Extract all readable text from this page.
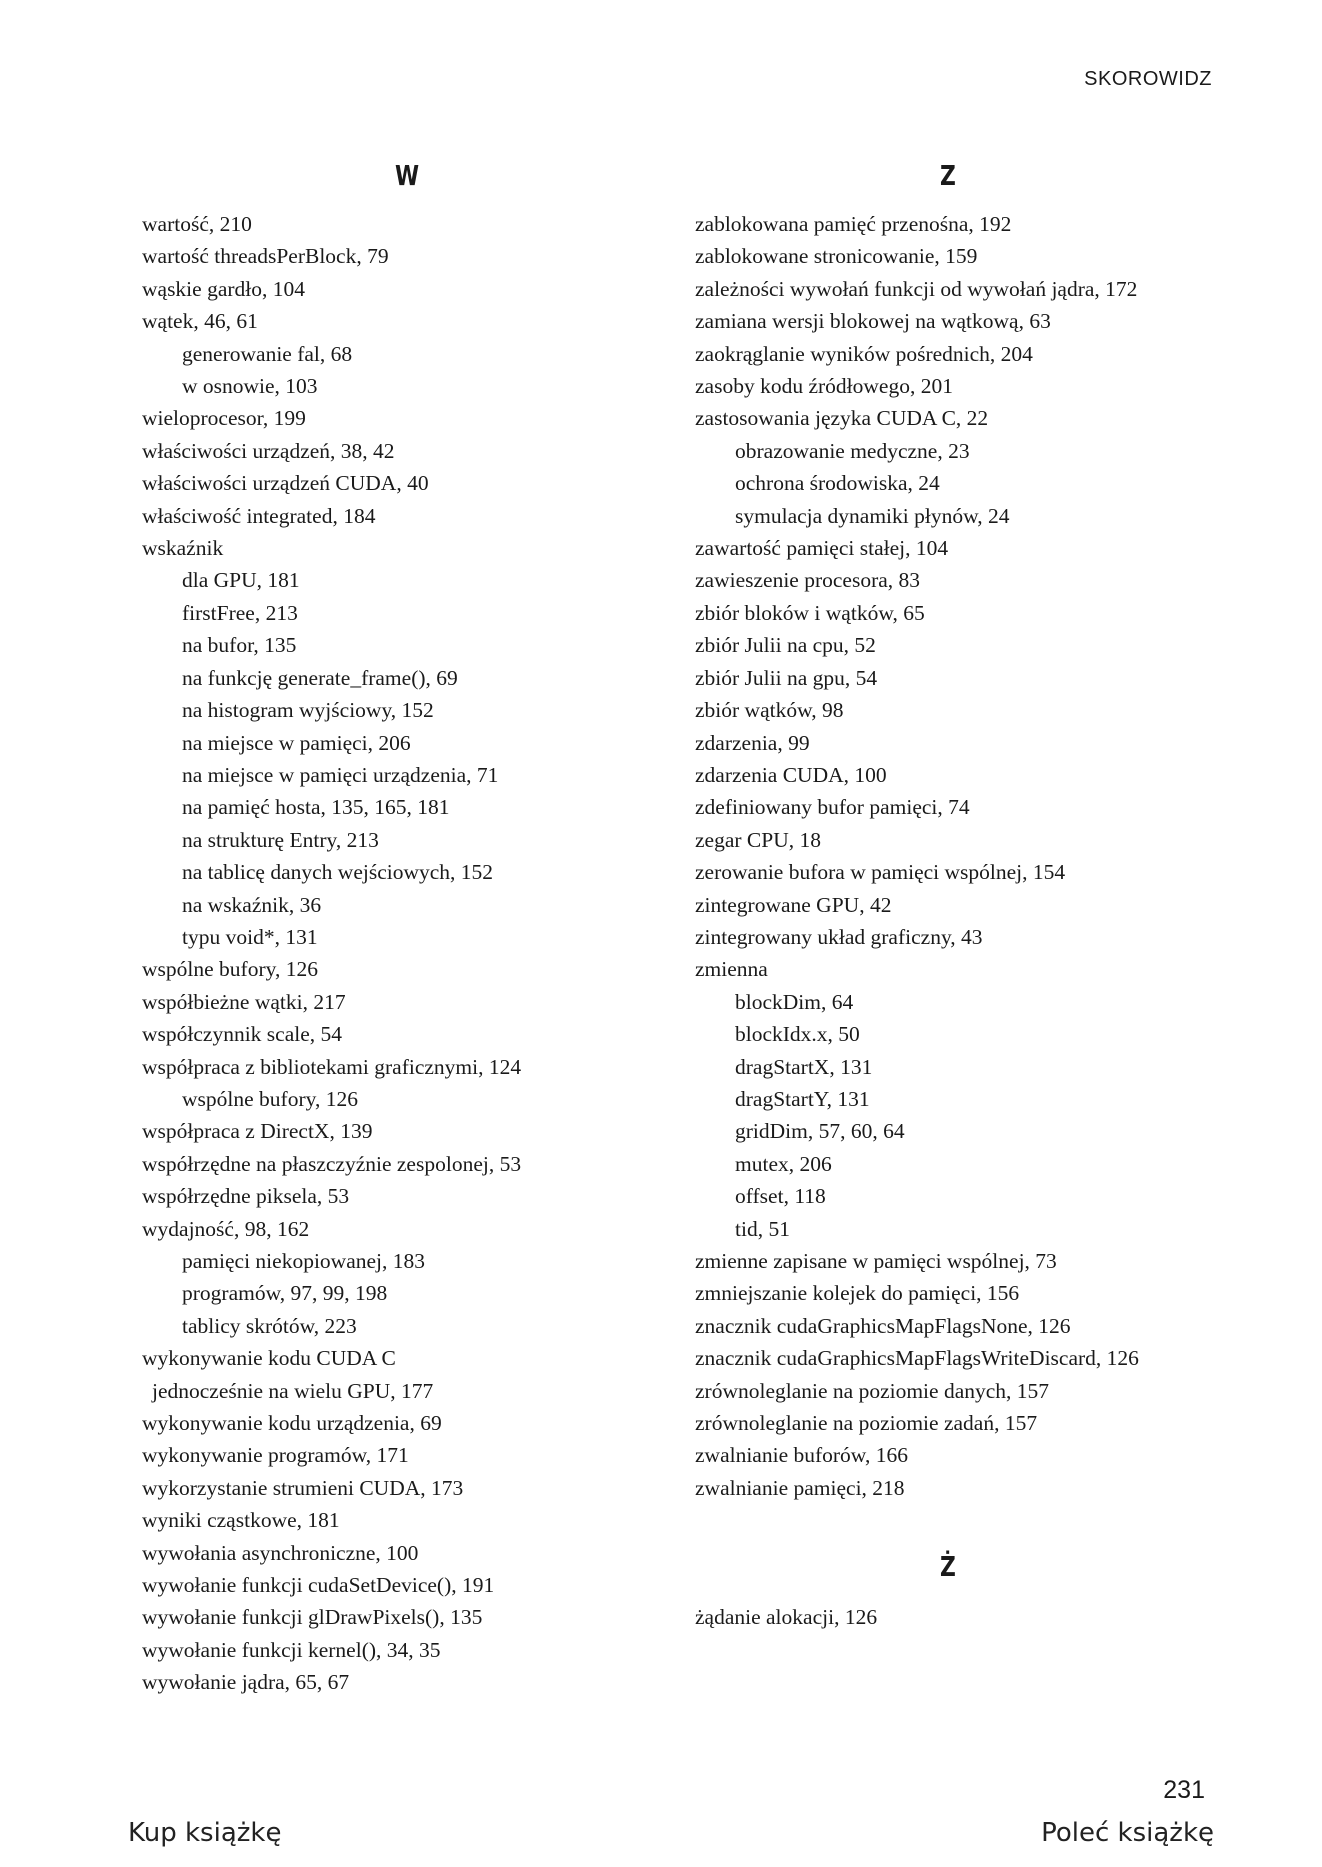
SKOROWIDZ
W
wartość, 210
wartość threadsPerBlock, 79
wąskie gardło, 104
wątek, 46, 61
generowanie fal, 68
w osnowie, 103
wieloprocesor, 199
właściwości urządzeń, 38, 42
właściwości urządzeń CUDA, 40
właściwość integrated, 184
wskaźnik
dla GPU, 181
firstFree, 213
na bufor, 135
na funkcję generate_frame(), 69
na histogram wyjściowy, 152
na miejsce w pamięci, 206
na miejsce w pamięci urządzenia, 71
na pamięć hosta, 135, 165, 181
na strukturę Entry, 213
na tablicę danych wejściowych, 152
na wskaźnik, 36
typu void*, 131
wspólne bufory, 126
współbieżne wątki, 217
współczynnik scale, 54
współpraca z bibliotekami graficznymi, 124
wspólne bufory, 126
współpraca z DirectX, 139
współrzędne na płaszczyźnie zespolonej, 53
współrzędne piksela, 53
wydajność, 98, 162
pamięci niekopiowanej, 183
programów, 97, 99, 198
tablicy skrótów, 223
wykonywanie kodu CUDA C
jednocześnie na wielu GPU, 177
wykonywanie kodu urządzenia, 69
wykonywanie programów, 171
wykorzystanie strumieni CUDA, 173
wyniki cząstkowe, 181
wywołania asynchroniczne, 100
wywołanie funkcji cudaSetDevice(), 191
wywołanie funkcji glDrawPixels(), 135
wywołanie funkcji kernel(), 34, 35
wywołanie jądra, 65, 67
Z
zablokowana pamięć przenośna, 192
zablokowane stronicowanie, 159
zależności wywołań funkcji od wywołań jądra, 172
zamiana wersji blokowej na wątkową, 63
zaokrąglanie wyników pośrednich, 204
zasoby kodu źródłowego, 201
zastosowania języka CUDA C, 22
obrazowanie medyczne, 23
ochrona środowiska, 24
symulacja dynamiki płynów, 24
zawartość pamięci stałej, 104
zawieszenie procesora, 83
zbiór bloków i wątków, 65
zbiór Julii na cpu, 52
zbiór Julii na gpu, 54
zbiór wątków, 98
zdarzenia, 99
zdarzenia CUDA, 100
zdefiniowany bufor pamięci, 74
zegar CPU, 18
zerowanie bufora w pamięci wspólnej, 154
zintegrowane GPU, 42
zintegrowany układ graficzny, 43
zmienna
blockDim, 64
blockIdx.x, 50
dragStartX, 131
dragStartY, 131
gridDim, 57, 60, 64
mutex, 206
offset, 118
tid, 51
zmienne zapisane w pamięci wspólnej, 73
zmniejszanie kolejek do pamięci, 156
znacznik cudaGraphicsMapFlagsNone, 126
znacznik cudaGraphicsMapFlagsWriteDiscard, 126
zrównoleglanie na poziomie danych, 157
zrównoleglanie na poziomie zadań, 157
zwalnianie buforów, 166
zwalnianie pamięci, 218
Ż
żądanie alokacji, 126
231
Kup książkę	Poleć książkę
